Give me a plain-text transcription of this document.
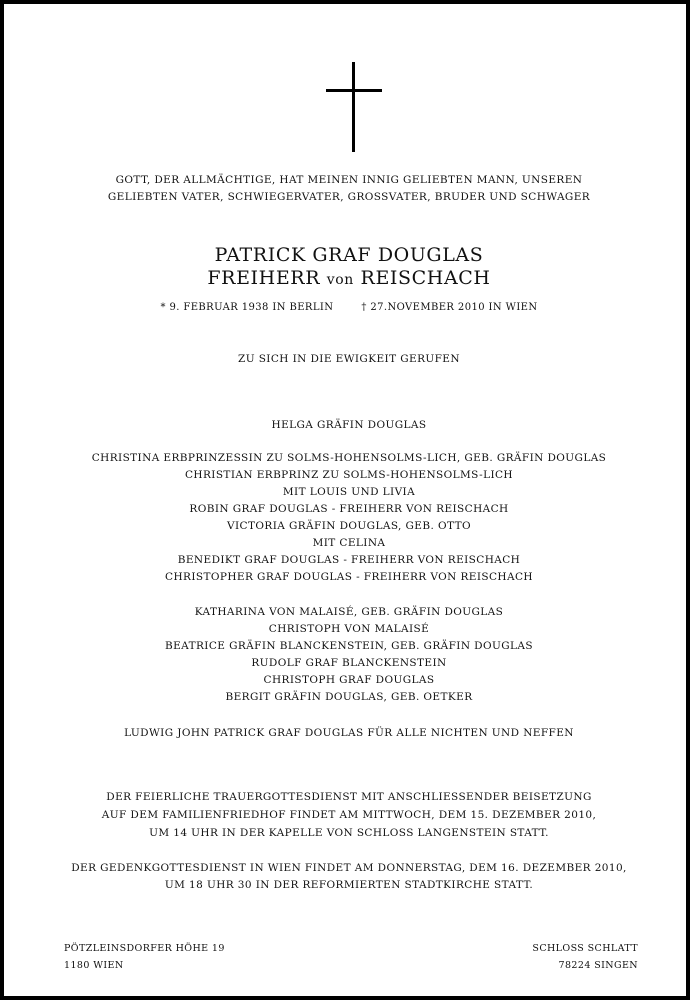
GOTT, DER ALLMÄCHTIGE, HAT MEINEN INNIG GELIEBTEN MANN, UNSEREN
GELIEBTEN VATER, SCHWIEGERVATER, GROSSVATER, BRUDER UND SCHWAGER
PATRICK GRAF DOUGLAS
FREIHERR von REISCHACH
* 9. FEBRUAR 1938 IN BERLIN	† 27.NOVEMBER 2010 IN WIEN
ZU SICH IN DIE EWIGKEIT GERUFEN
HELGA GRÄFIN DOUGLAS
CHRISTINA ERBPRINZESSIN ZU SOLMS-HOHENSOLMS-LICH, GEB. GRÄFIN DOUGLAS
CHRISTIAN ERBPRINZ ZU SOLMS-HOHENSOLMS-LICH
MIT LOUIS UND LIVIA
ROBIN GRAF DOUGLAS - FREIHERR VON REISCHACH
VICTORIA GRÄFIN DOUGLAS, GEB. OTTO
MIT CELINA
BENEDIKT GRAF DOUGLAS - FREIHERR VON REISCHACH
CHRISTOPHER GRAF DOUGLAS - FREIHERR VON REISCHACH
KATHARINA VON MALAISÉ, GEB. GRÄFIN DOUGLAS
CHRISTOPH VON MALAISÉ
BEATRICE GRÄFIN BLANCKENSTEIN, GEB. GRÄFIN DOUGLAS
RUDOLF GRAF BLANCKENSTEIN
CHRISTOPH GRAF DOUGLAS
BERGIT GRÄFIN DOUGLAS, GEB. OETKER
LUDWIG JOHN PATRICK GRAF DOUGLAS FÜR ALLE NICHTEN UND NEFFEN
DER FEIERLICHE TRAUERGOTTESDIENST MIT ANSCHLIESSENDER BEISETZUNG
AUF DEM FAMILIENFRIEDHOF FINDET AM MITTWOCH, DEM 15. DEZEMBER 2010,
UM 14 UHR IN DER KAPELLE VON SCHLOSS LANGENSTEIN STATT.
DER GEDENKGOTTESDIENST IN WIEN FINDET AM DONNERSTAG, DEM 16. DEZEMBER 2010,
UM 18 UHR 30 IN DER REFORMIERTEN STADTKIRCHE STATT.
PÖTZLEINSDORFER HÖHE 19
1180 WIEN
SCHLOSS SCHLATT
78224 SINGEN
